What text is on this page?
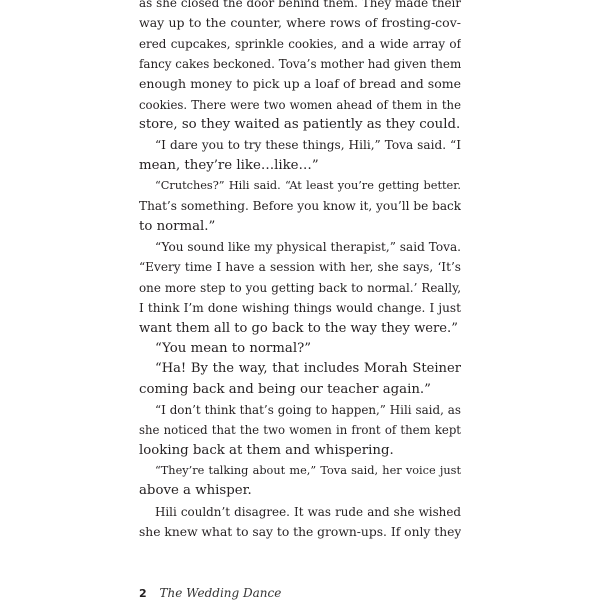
as she closed the door behind them. They made their
way up to the counter, where rows of frosting-cov-
ered cupcakes, sprinkle cookies, and a wide array of
fancy cakes beckoned. Tova’s mother had given them
enough money to pick up a loaf of bread and some
cookies. There were two women ahead of them in the
store, so they waited as patiently as they could.
“I dare you to try these things, Hili,” Tova said. “I
mean, they’re like…like…”
“Crutches?” Hili said. “At least you’re getting better.
That’s something. Before you know it, you’ll be back
to normal.”
“You sound like my physical therapist,” said Tova.
“Every time I have a session with her, she says, ‘It’s
one more step to you getting back to normal.’ Really,
I think I’m done wishing things would change. I just
want them all to go back to the way they were.”
“You mean to normal?”
“Ha! By the way, that includes Morah Steiner
coming back and being our teacher again.”
“I don’t think that’s going to happen,” Hili said, as
she noticed that the two women in front of them kept
looking back at them and whispering.
“They’re talking about me,” Tova said, her voice just
above a whisper.
Hili couldn’t disagree. It was rude and she wished
she knew what to say to the grown-ups. If only they
2 The Wedding Dance
